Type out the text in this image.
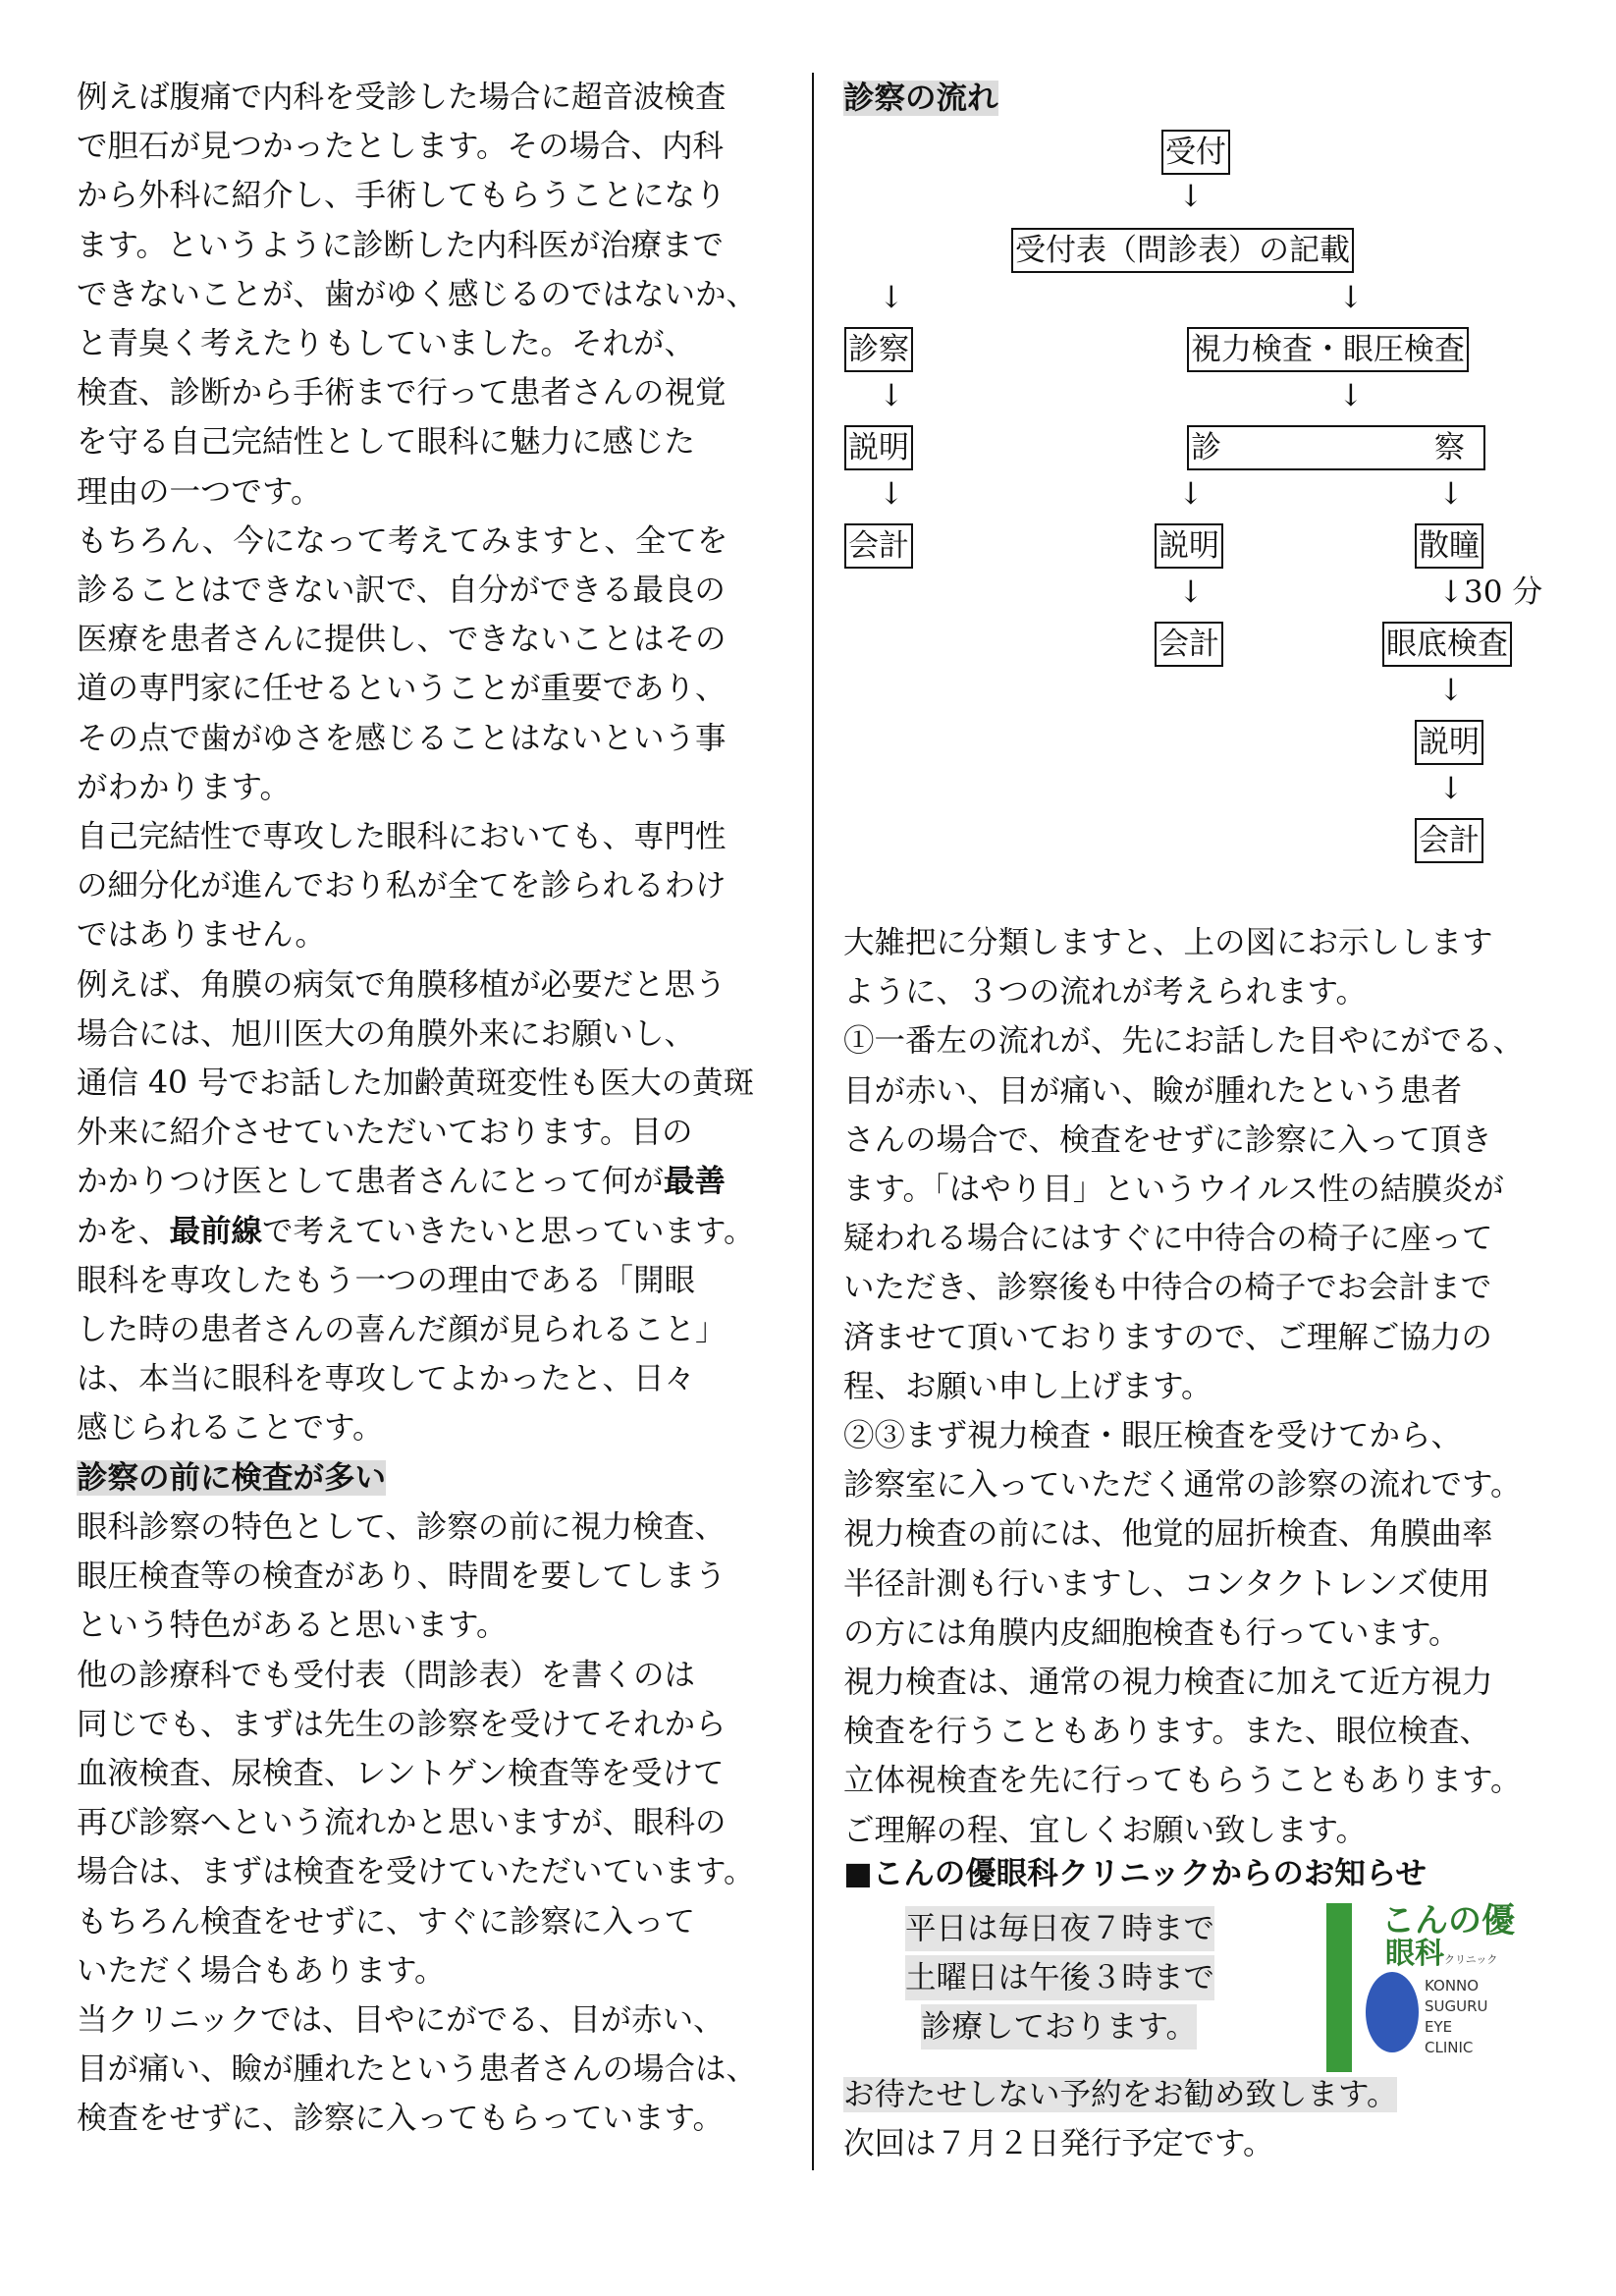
例えば腹痛で内科を受診した場合に超音波検査

で胆石が見つかったとします。その場合、内科

から外科に紹介し、手術してもらうことになり

ます。というように診断した内科医が治療まで

できないことが、歯がゆく感じるのではないか、

と青臭く考えたりもしていました。それが、

検査、診断から手術まで行って患者さんの視覚

を守る自己完結性として眼科に魅力に感じた

理由の一つです。

もちろん、今になって考えてみますと、全てを

診ることはできない訳で、自分ができる最良の

医療を患者さんに提供し、できないことはその

道の専門家に任せるということが重要であり、

その点で歯がゆさを感じることはないという事

がわかります。

自己完結性で専攻した眼科においても、専門性

の細分化が進んでおり私が全てを診られるわけ

ではありません。

例えば、角膜の病気で角膜移植が必要だと思う

場合には、旭川医大の角膜外来にお願いし、

通信 40 号でお話した加齢黄斑変性も医大の黄斑

外来に紹介させていただいております。目の

かかりつけ医として患者さんにとって何が最善

かを、最前線で考えていきたいと思っています。

眼科を専攻したもう一つの理由である「開眼

した時の患者さんの喜んだ顔が見られること」

は、本当に眼科を専攻してよかったと、日々

感じられることです。

診察の前に検査が多い

眼科診察の特色として、診察の前に視力検査、

眼圧検査等の検査があり、時間を要してしまう

という特色があると思います。

他の診療科でも受付表（問診表）を書くのは

同じでも、まずは先生の診察を受けてそれから

血液検査、尿検査、レントゲン検査等を受けて

再び診察へという流れかと思いますが、眼科の

場合は、まずは検査を受けていただいています。

もちろん検査をせずに、すぐに診察に入って

いただく場合もあります。

当クリニックでは、目やにがでる、目が赤い、

目が痛い、瞼が腫れたという患者さんの場合は、

検査をせずに、診察に入ってもらっています。

診察の流れ
受付
↓
受付表（問診表）の記載
↓	↓
診察	視力検査・眼圧検査
↓	↓
説明	診　　　　　　　察
↓	↓	↓
会計	説明	散瞳
↓	↓30 分
会計	眼底検査
↓
説明
↓
会計

大雑把に分類しますと、上の図にお示しします

ように、３つの流れが考えられます。

①一番左の流れが、先にお話した目やにがでる、

目が赤い、目が痛い、瞼が腫れたという患者

さんの場合で、検査をせずに診察に入って頂き

ます。「はやり目」というウイルス性の結膜炎が

疑われる場合にはすぐに中待合の椅子に座って

いただき、診察後も中待合の椅子でお会計まで

済ませて頂いておりますので、ご理解ご協力の

程、お願い申し上げます。

②③まず視力検査・眼圧検査を受けてから、

診察室に入っていただく通常の診察の流れです。

視力検査の前には、他覚的屈折検査、角膜曲率

半径計測も行いますし、コンタクトレンズ使用

の方には角膜内皮細胞検査も行っています。

視力検査は、通常の視力検査に加えて近方視力

検査を行うこともあります。また、眼位検査、

立体視検査を先に行ってもらうこともあります。

ご理解の程、宜しくお願い致します。

■こんの優眼科クリニックからのお知らせ
平日は毎日夜７時まで
土曜日は午後３時まで
診療しております。
こんの優
眼科クリニック
KONNO
SUGURU
EYE
CLINIC

お待たせしない予約をお勧め致します。

次回は７月２日発行予定です。
